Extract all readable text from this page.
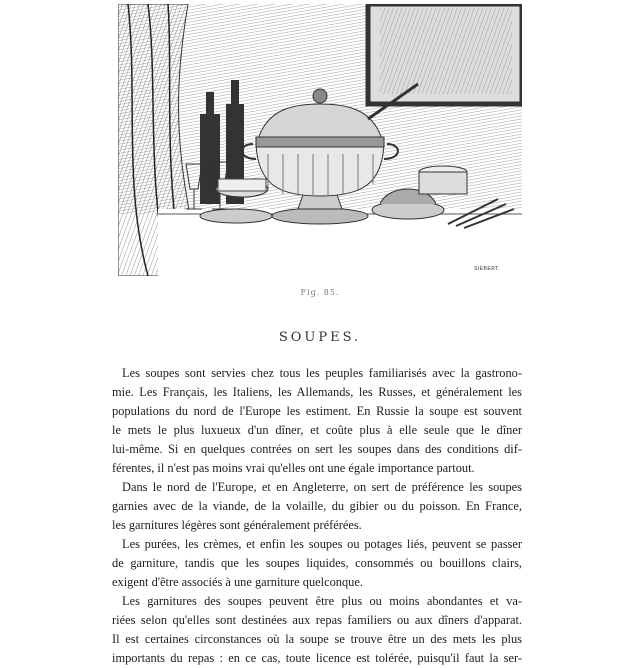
SIEBERT
Fig. 85.
SOUPES.
Les soupes sont servies chez tous les peuples familiarisés avec la gastrono-
mie. Les Français, les Italiens, les Allemands, les Russes, et généralement les
populations du nord de l'Europe les estiment. En Russie la soupe est souvent
le mets le plus luxueux d'un dîner, et coûte plus à elle seule que le dîner
lui-même. Si en quelques contrées on sert les soupes dans des conditions dif-
férentes, il n'est pas moins vrai qu'elles ont une égale importance partout.
Dans le nord de l'Europe, et en Angleterre, on sert de préférence les soupes
garnies avec de la viande, de la volaille, du gibier ou du poisson. En France,
les garnitures légères sont généralement préférées.
Les purées, les crèmes, et enfin les soupes ou potages liés, peuvent se passer
de garniture, tandis que les soupes liquides, consommés ou bouillons clairs,
exigent d'être associés à une garniture quelconque.
Les garnitures des soupes peuvent être plus ou moins abondantes et va-
riées selon qu'elles sont destinées aux repas familiers ou aux dîners d'apparat.
Il est certaines circonstances où la soupe se trouve être un des mets les plus
importants du repas : en ce cas, toute licence est tolérée, puisqu'il faut la ser-
